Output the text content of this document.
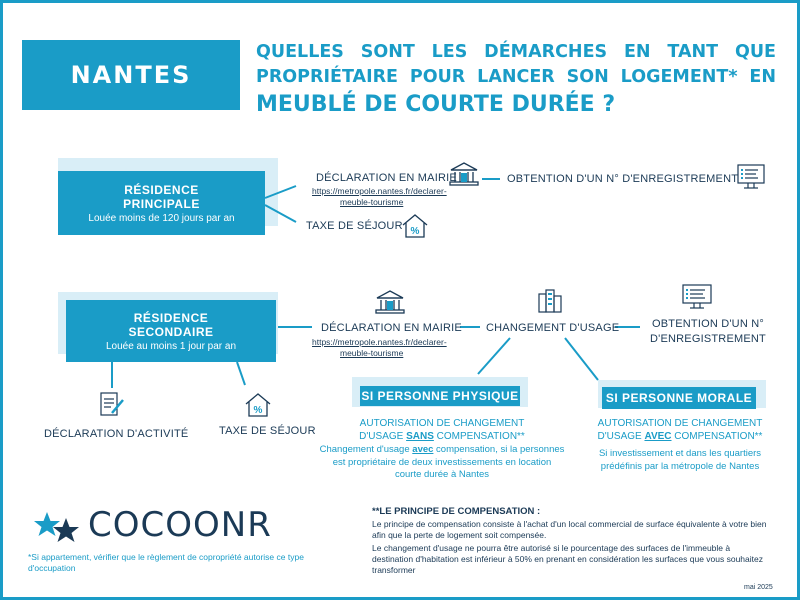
NANTES
QUELLES SONT LES DÉMARCHES EN TANT QUE
PROPRIÉTAIRE POUR LANCER SON LOGEMENT* EN
MEUBLÉ DE COURTE DURÉE ?
RÉSIDENCE
PRINCIPALE
Louée moins de 120 jours par an
DÉCLARATION EN MAIRIE
https://metropole.nantes.fr/declarer-
meuble-tourisme
OBTENTION D'UN N° D'ENREGISTREMENT
TAXE DE SÉJOUR %
RÉSIDENCE
SECONDAIRE
Louée au moins 1 jour par an
DÉCLARATION EN MAIRIE
https://metropole.nantes.fr/declarer-
meuble-tourisme
CHANGEMENT D'USAGE	OBTENTION D'UN N°
D'ENREGISTREMENT
DÉCLARATION D'ACTIVITÉ
%
TAXE DE SÉJOUR
SI PERSONNE PHYSIQUE
AUTORISATION DE CHANGEMENT
D'USAGE SANS COMPENSATION**
Changement d'usage avec compensation, si la personnes
est propriétaire de deux investissements en location
courte durée à Nantes
SI PERSONNE MORALE
AUTORISATION DE CHANGEMENT
D'USAGE AVEC COMPENSATION**
Si investissement et dans les quartiers
prédéfinis par la métropole de Nantes
COCOONR
*Si appartement, vérifier que le règlement de copropriété autorise ce type d'occupation
**LE PRINCIPE DE COMPENSATION :
Le principe de compensation consiste à l'achat d'un local commercial de surface équivalente à votre bien afin que la perte de logement soit compensée.
Le changement d'usage ne pourra être autorisé si le pourcentage des surfaces de l'immeuble à destination d'habitation est inférieur à 50% en prenant en considération les surfaces que vous souhaitez transformer
mai 2025
